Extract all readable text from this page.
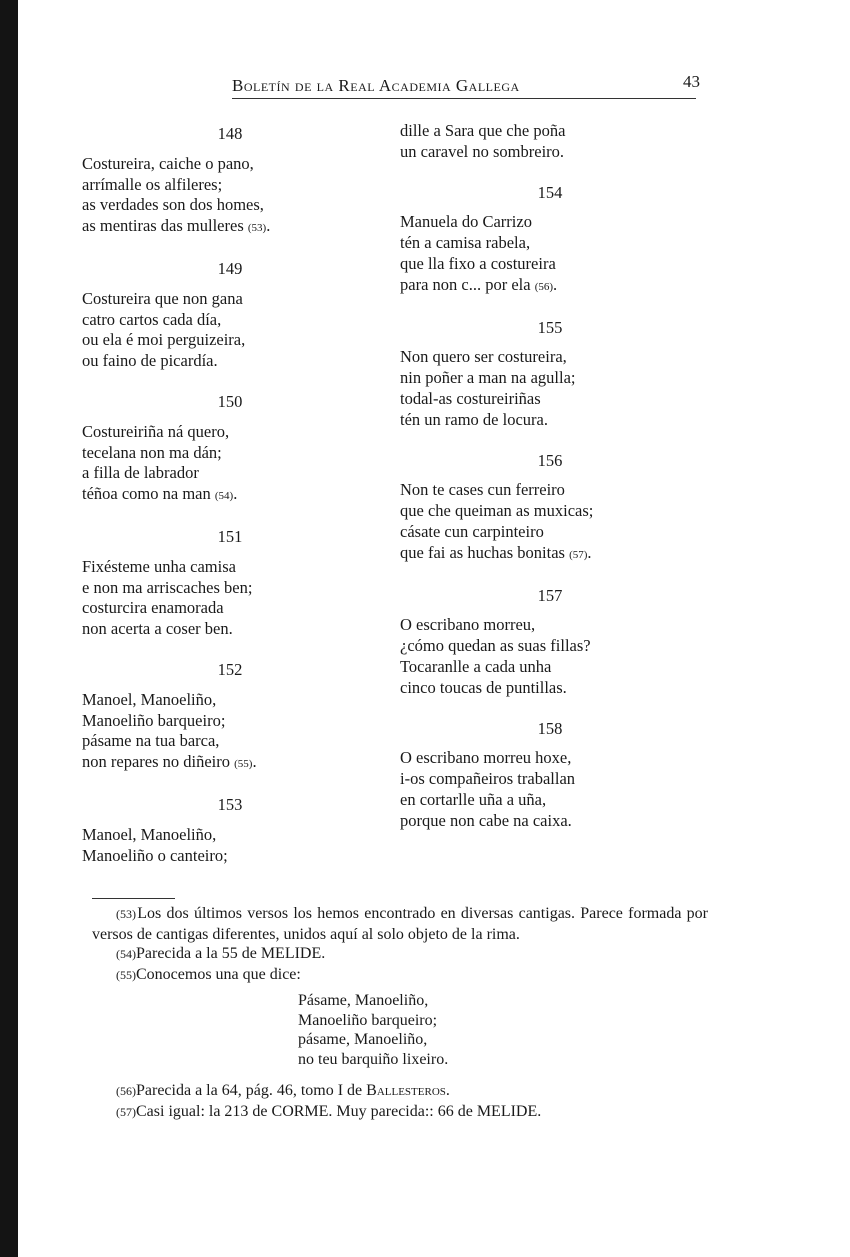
Boletín de la Real Academia Gallega	43
148
Costureira, caiche o pano,
arrímalle os alfileres;
as verdades son dos homes,
as mentiras das mulleres (53).
149
Costureira que non gana
catro cartos cada día,
ou ela é moi perguizeira,
ou faino de picardía.
150
Costureiriña ná quero,
tecelana non ma dán;
a filla de labrador
téñoa como na man (54).
151
Fixésteme unha camisa
e non ma arriscaches ben;
costurcira enamorada
non acerta a coser ben.
152
Manoel, Manoeliño,
Manoeliño barqueiro;
pásame na tua barca,
non repares no diñeiro (55).
153
Manoel, Manoeliño,
Manoeliño o canteiro;
dille a Sara que che poña
un caravel no sombreiro.
154
Manuela do Carrizo
tén a camisa rabela,
que lla fixo a costureira
para non c... por ela (56).
155
Non quero ser costureira,
nin poñer a man na agulla;
todal-as costureiriñas
tén un ramo de locura.
156
Non te cases cun ferreiro
que che queiman as muxicas;
cásate cun carpinteiro
que fai as huchas bonitas (57).
157
O escribano morreu,
¿cómo quedan as suas fillas?
Tocaranlle a cada unha
cinco toucas de puntillas.
158
O escribano morreu hoxe,
i-os compañeiros traballan
en cortarlle uña a uña,
porque non cabe na caixa.
(53) Los dos últimos versos los hemos encontrado en diversas cantigas. Parece formada por versos de cantigas diferentes, unidos aquí al solo objeto de la rima.
(54) Parecida a la 55 de MELIDE.
(55) Conocemos una que dice:
Pásame, Manoeliño,
Manoeliño barqueiro;
pásame, Manoeliño,
no teu barquiño lixeiro.
(56) Parecida a la 64, pág. 46, tomo I de Ballesteros.
(57) Casi igual: la 213 de CORME. Muy parecida:: 66 de MELIDE.
